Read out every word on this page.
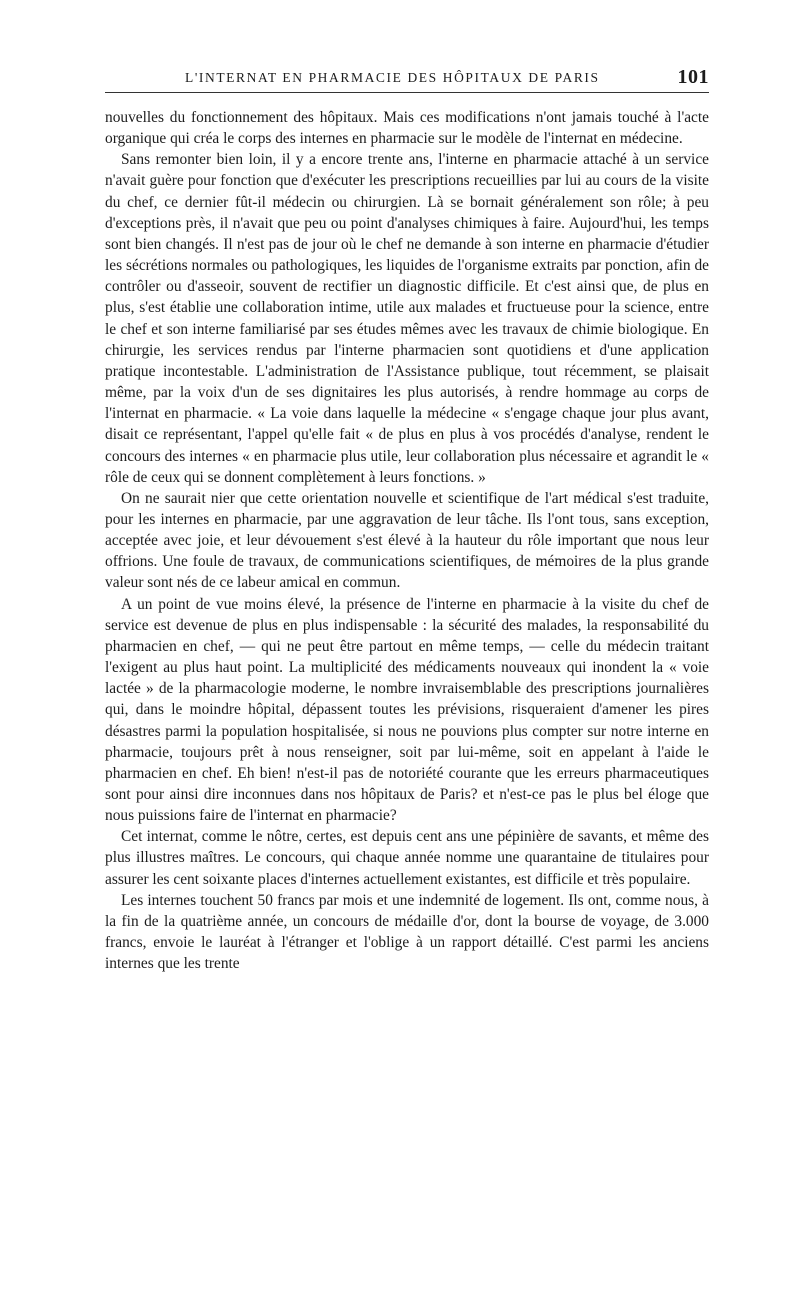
L'INTERNAT EN PHARMACIE DES HÔPITAUX DE PARIS	101

nouvelles du fonctionnement des hôpitaux. Mais ces modifications n'ont jamais touché à l'acte organique qui créa le corps des internes en pharmacie sur le modèle de l'internat en médecine.

Sans remonter bien loin, il y a encore trente ans, l'interne en pharmacie attaché à un service n'avait guère pour fonction que d'exécuter les prescriptions recueillies par lui au cours de la visite du chef, ce dernier fût-il médecin ou chirurgien. Là se bornait généralement son rôle; à peu d'exceptions près, il n'avait que peu ou point d'analyses chimiques à faire. Aujourd'hui, les temps sont bien changés. Il n'est pas de jour où le chef ne demande à son interne en pharmacie d'étudier les sécrétions normales ou pathologiques, les liquides de l'organisme extraits par ponction, afin de contrôler ou d'asseoir, souvent de rectifier un diagnostic difficile. Et c'est ainsi que, de plus en plus, s'est établie une collaboration intime, utile aux malades et fructueuse pour la science, entre le chef et son interne familiarisé par ses études mêmes avec les travaux de chimie biologique. En chirurgie, les services rendus par l'interne pharmacien sont quotidiens et d'une application pratique incontestable. L'administration de l'Assistance publique, tout récemment, se plaisait même, par la voix d'un de ses dignitaires les plus autorisés, à rendre hommage au corps de l'internat en pharmacie. « La voie dans laquelle la médecine « s'engage chaque jour plus avant, disait ce représentant, l'appel qu'elle fait « de plus en plus à vos procédés d'analyse, rendent le concours des internes « en pharmacie plus utile, leur collaboration plus nécessaire et agrandit le « rôle de ceux qui se donnent complètement à leurs fonctions. »

On ne saurait nier que cette orientation nouvelle et scientifique de l'art médical s'est traduite, pour les internes en pharmacie, par une aggravation de leur tâche. Ils l'ont tous, sans exception, acceptée avec joie, et leur dévouement s'est élevé à la hauteur du rôle important que nous leur offrions. Une foule de travaux, de communications scientifiques, de mémoires de la plus grande valeur sont nés de ce labeur amical en commun.

A un point de vue moins élevé, la présence de l'interne en pharmacie à la visite du chef de service est devenue de plus en plus indispensable : la sécurité des malades, la responsabilité du pharmacien en chef, — qui ne peut être partout en même temps, — celle du médecin traitant l'exigent au plus haut point. La multiplicité des médicaments nouveaux qui inondent la « voie lactée » de la pharmacologie moderne, le nombre invraisemblable des prescriptions journalières qui, dans le moindre hôpital, dépassent toutes les prévisions, risqueraient d'amener les pires désastres parmi la population hospitalisée, si nous ne pouvions plus compter sur notre interne en pharmacie, toujours prêt à nous renseigner, soit par lui-même, soit en appelant à l'aide le pharmacien en chef. Eh bien! n'est-il pas de notoriété courante que les erreurs pharmaceutiques sont pour ainsi dire inconnues dans nos hôpitaux de Paris? et n'est-ce pas le plus bel éloge que nous puissions faire de l'internat en pharmacie?

Cet internat, comme le nôtre, certes, est depuis cent ans une pépinière de savants, et même des plus illustres maîtres. Le concours, qui chaque année nomme une quarantaine de titulaires pour assurer les cent soixante places d'internes actuellement existantes, est difficile et très populaire.

Les internes touchent 50 francs par mois et une indemnité de logement. Ils ont, comme nous, à la fin de la quatrième année, un concours de médaille d'or, dont la bourse de voyage, de 3.000 francs, envoie le lauréat à l'étranger et l'oblige à un rapport détaillé. C'est parmi les anciens internes que les trente
